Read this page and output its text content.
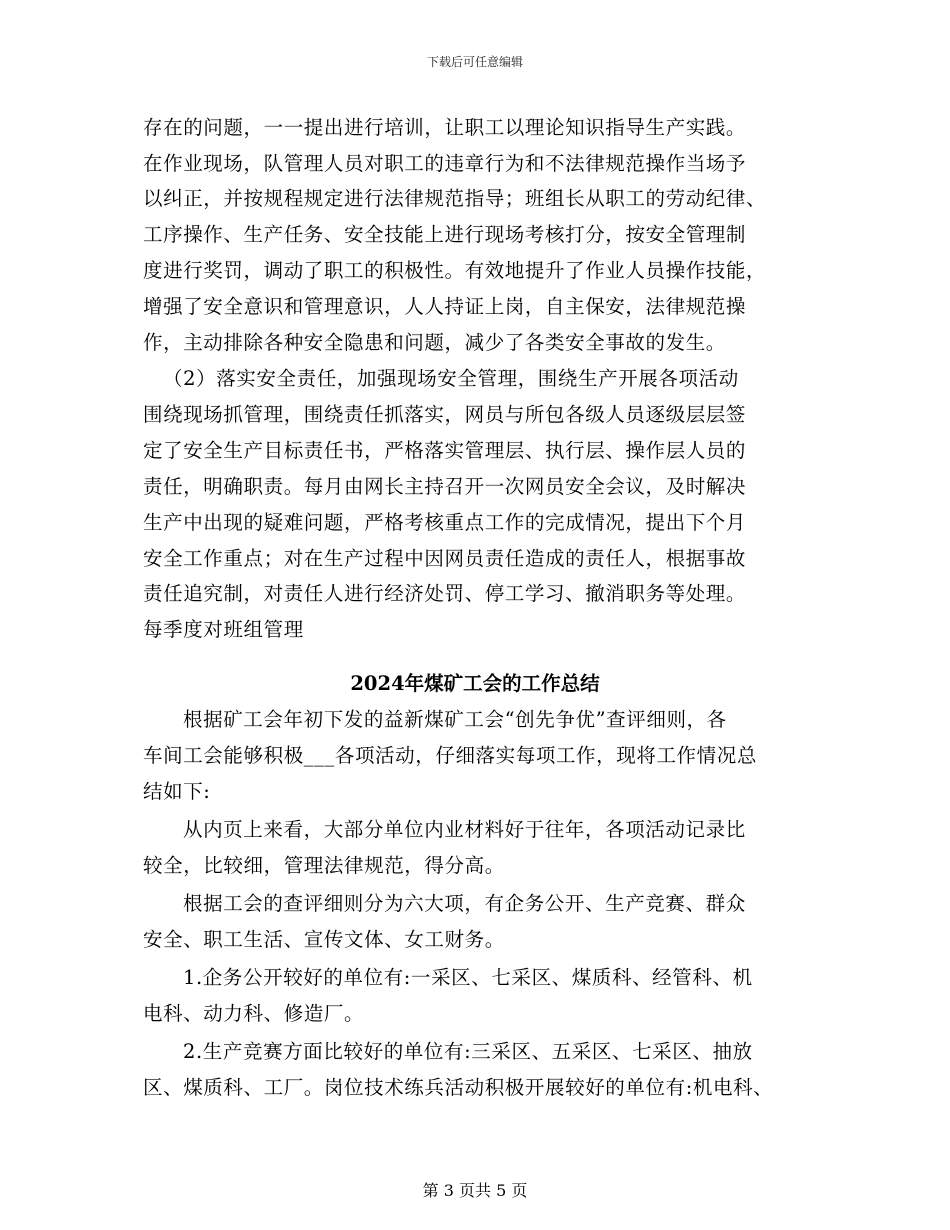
下载后可任意编辑
存在的问题，一一提出进行培训，让职工以理论知识指导生产实践。
在作业现场，队管理人员对职工的违章行为和不法律规范操作当场予
以纠正，并按规程规定进行法律规范指导；班组长从职工的劳动纪律、
工序操作、生产任务、安全技能上进行现场考核打分，按安全管理制
度进行奖罚，调动了职工的积极性。有效地提升了作业人员操作技能，
增强了安全意识和管理意识，人人持证上岗，自主保安，法律规范操
作，主动排除各种安全隐患和问题，减少了各类安全事故的发生。
（2）落实安全责任，加强现场安全管理，围绕生产开展各项活动
围绕现场抓管理，围绕责任抓落实，网员与所包各级人员逐级层层签
定了安全生产目标责任书，严格落实管理层、执行层、操作层人员的
责任，明确职责。每月由网长主持召开一次网员安全会议，及时解决
生产中出现的疑难问题，严格考核重点工作的完成情况，提出下个月
安全工作重点；对在生产过程中因网员责任造成的责任人，根据事故
责任追究制，对责任人进行经济处罚、停工学习、撤消职务等处理。
每季度对班组管理
2024年煤矿工会的工作总结
根据矿工会年初下发的益新煤矿工会“创先争优”查评细则，各
车间工会能够积极___各项活动，仔细落实每项工作，现将工作情况总
结如下:
从内页上来看，大部分单位内业材料好于往年，各项活动记录比
较全，比较细，管理法律规范，得分高。
根据工会的查评细则分为六大项，有企务公开、生产竞赛、群众
安全、职工生活、宣传文体、女工财务。
1.企务公开较好的单位有:一采区、七采区、煤质科、经管科、机
电科、动力科、修造厂。
2.生产竞赛方面比较好的单位有:三采区、五采区、七采区、抽放
区、煤质科、工厂。岗位技术练兵活动积极开展较好的单位有:机电科、
第 3 页共 5 页
